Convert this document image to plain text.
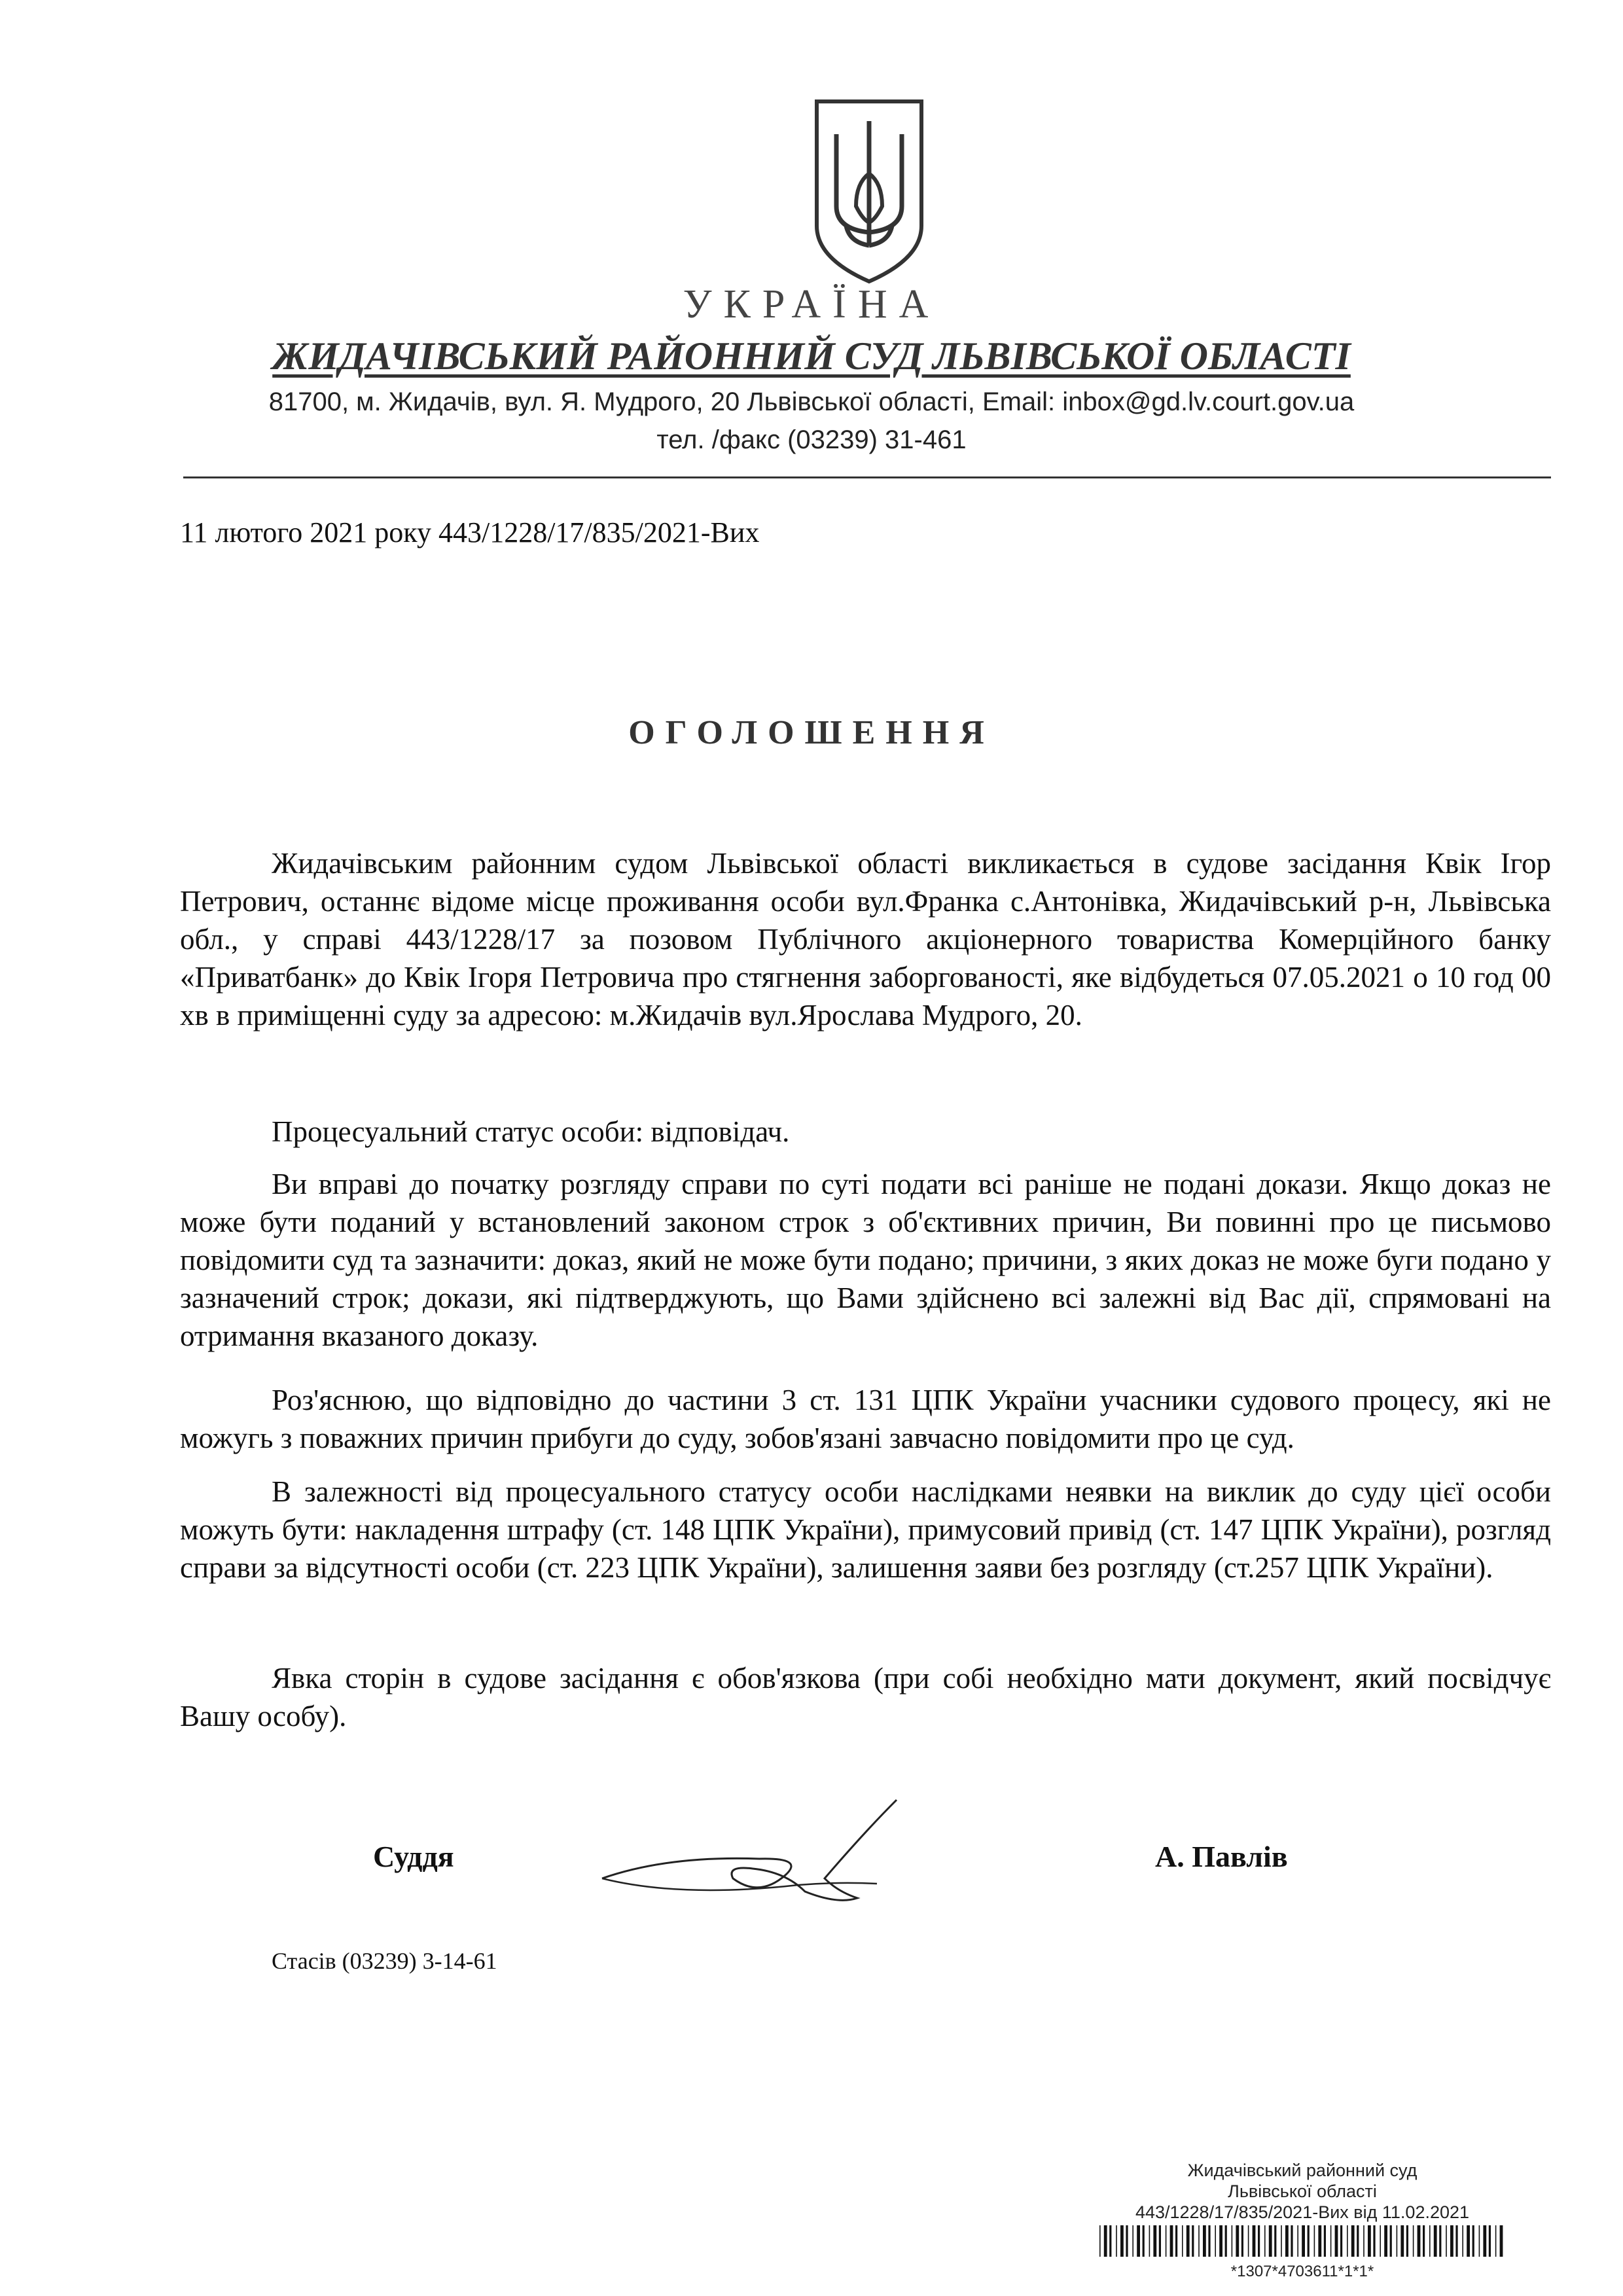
УКРАЇНА
ЖИДАЧІВСЬКИЙ РАЙОННИЙ СУД ЛЬВІВСЬКОЇ ОБЛАСТІ
81700, м. Жидачів, вул. Я. Мудрого, 20 Львівської області, Email: inbox@gd.lv.court.gov.ua
тел. /факс (03239) 31-461
11 лютого 2021 року 443/1228/17/835/2021-Вих
ОГОЛОШЕННЯ
Жидачівським районним судом Львівської області викликається в судове засідання Квік Ігор Петрович, останнє відоме місце проживання особи вул.Франка с.Антонівка, Жидачівський р-н, Львівська обл., у справі 443/1228/17 за позовом Публічного акціонерного товариства Комерційного банку «Приватбанк» до Квік Ігоря Петровича про стягнення заборгованості, яке відбудеться 07.05.2021 о 10 год 00 хв в приміщенні суду за адресою: м.Жидачів вул.Ярослава Мудрого, 20.
Процесуальний статус особи: відповідач.
Ви вправі до початку розгляду справи по суті подати всі раніше не подані докази. Якщо доказ не може бути поданий у встановлений законом строк з об'єктивних причин, Ви повинні про це письмово повідомити суд та зазначити: доказ, який не може бути подано; причини, з яких доказ не може буги подано у зазначений строк; докази, які підтверджують, що Вами здійснено всі залежні від Вас дії, спрямовані на отримання вказаного доказу.
Роз'яснюю, що відповідно до частини 3 ст. 131 ЦПК України учасники судового процесу, які не можугь з поважних причин прибуги до суду, зобов'язані завчасно повідомити про це суд.
В залежності від процесуального статусу особи наслідками неявки на виклик до суду цієї особи можуть бути: накладення штрафу (ст. 148 ЦПК України), примусовий привід (ст. 147 ЦПК України), розгляд справи за відсутності особи (ст. 223 ЦПК України), залишення заяви без розгляду (ст.257 ЦПК України).
Явка сторін в судове засідання є обов'язкова (при собі необхідно мати документ, який посвідчує Вашу особу).
Суддя	А. Павлів
Стасів (03239) 3-14-61
Жидачівський районний суд
Львівської області
443/1228/17/835/2021-Вих від 11.02.2021
*1307*4703611*1*1*
